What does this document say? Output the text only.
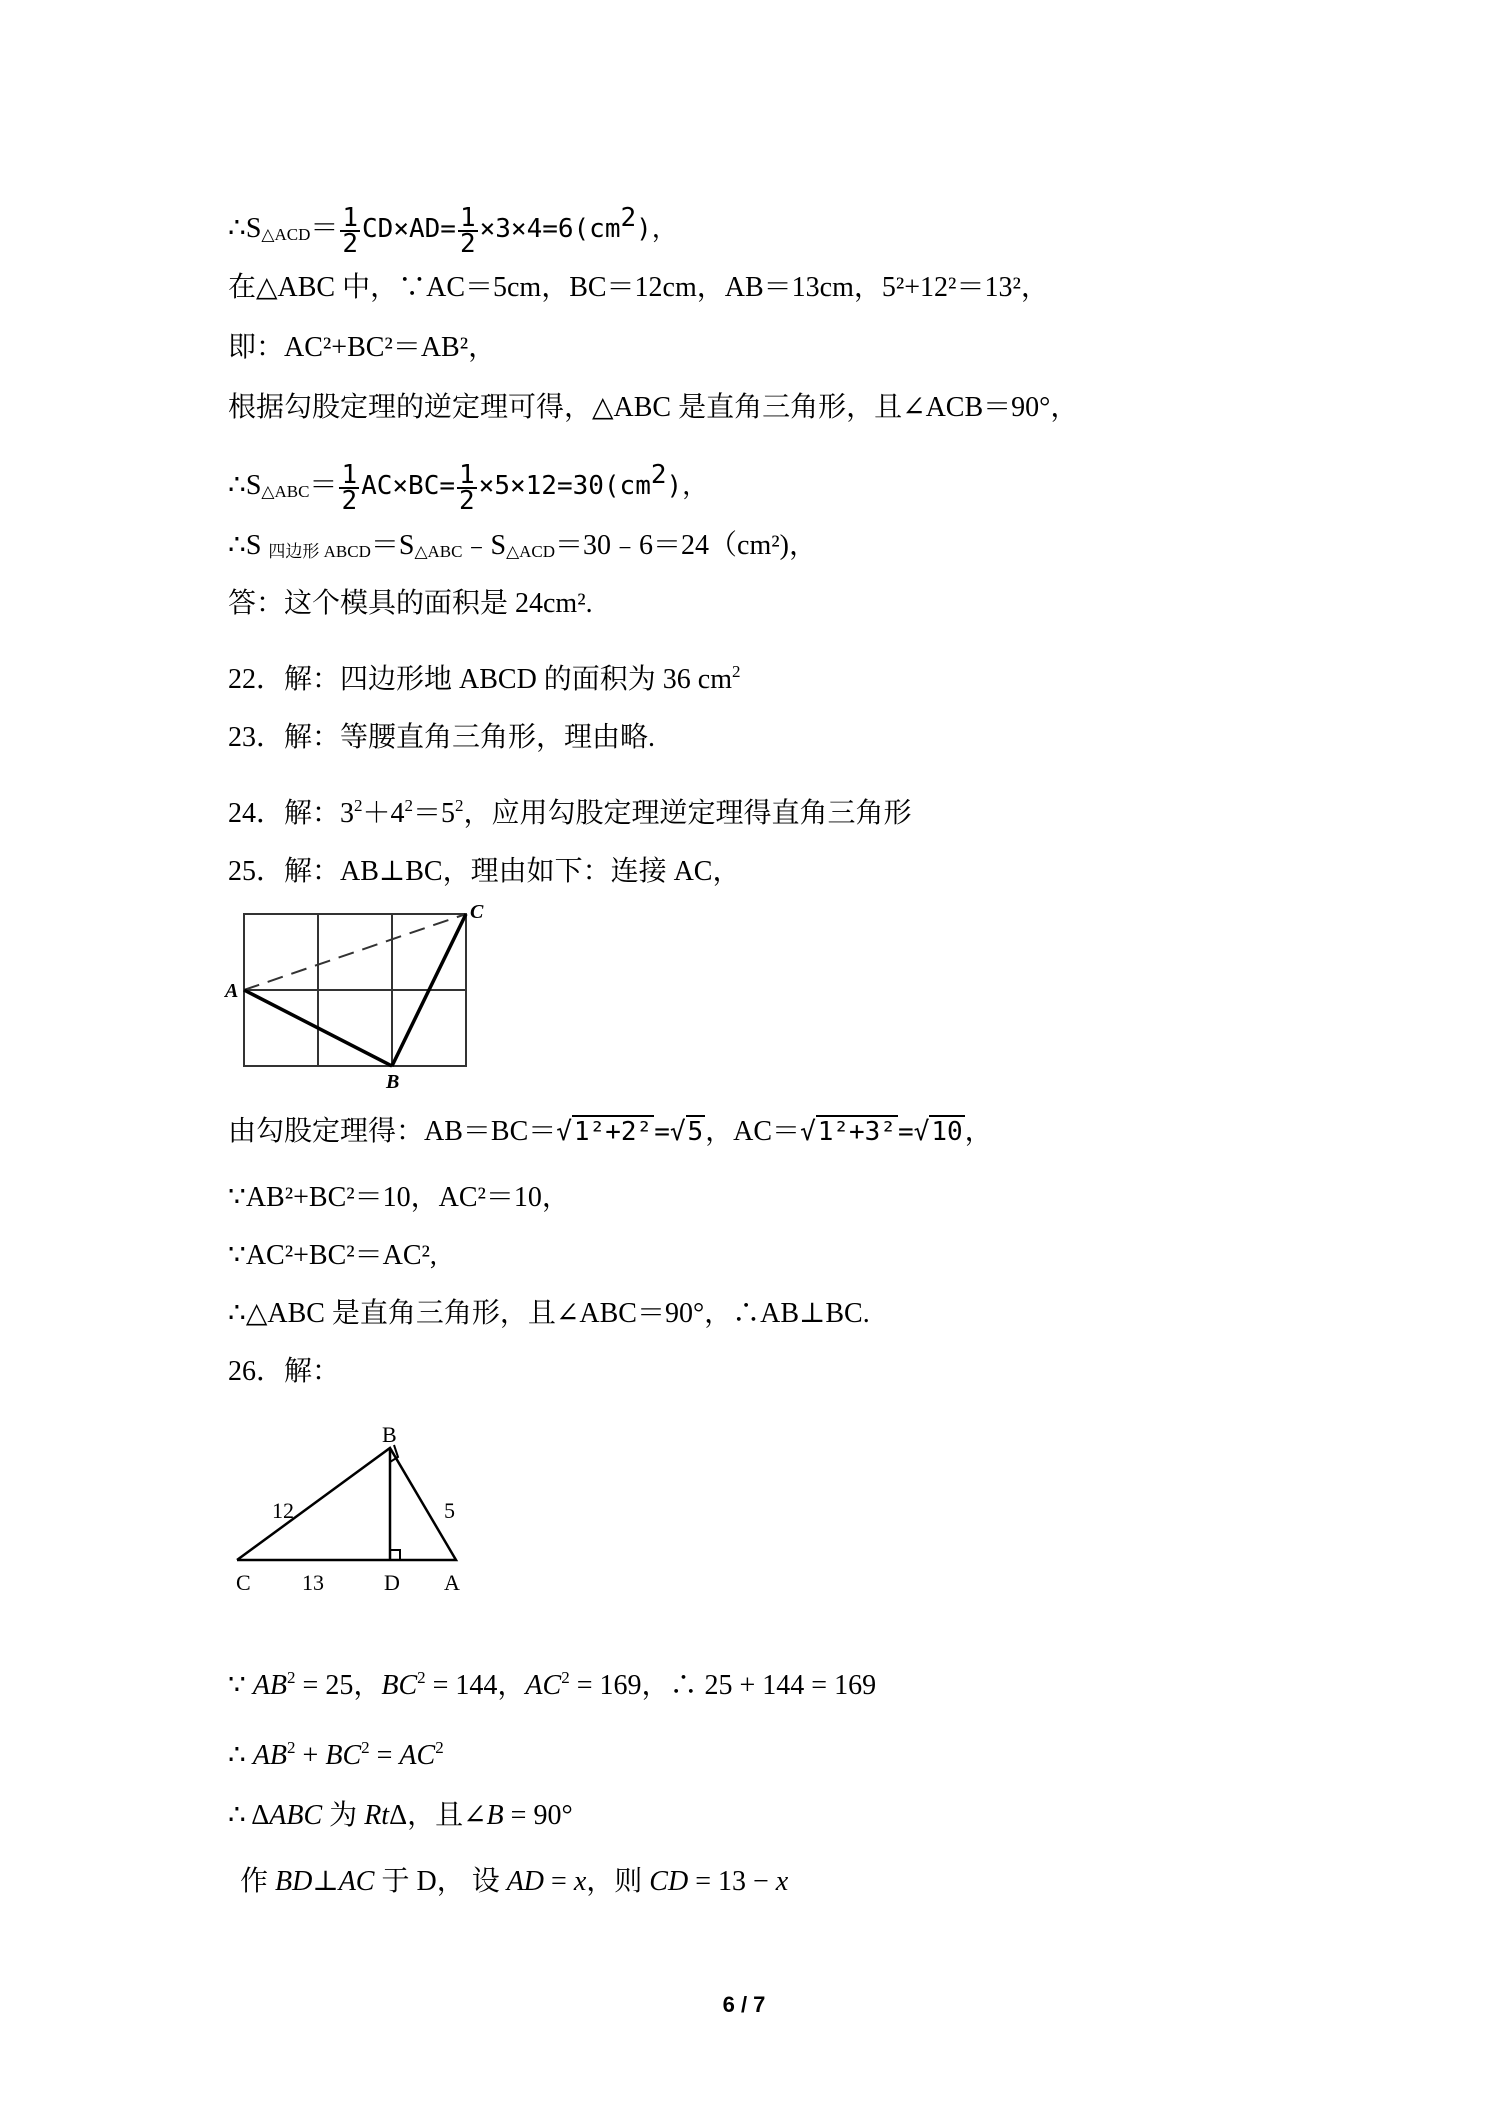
∴S△ACD＝ $\frac{1}{2} CD\times AD= \frac{1}{2} \times 3\times 4=6(cm2)$，
在△ABC 中，∵AC＝5cm，BC＝12cm，AB＝13cm，5²+12²＝13²，
即：AC²+BC²＝AB²，
根据勾股定理的逆定理可得，△ABC 是直角三角形，且∠ACB＝90°，
∴S△ABC＝ $\frac{1}{2} AC\times BC= \frac{1}{2} \times 5\times 12=30(cm2)$，
∴S 四边形 ABCD＝S△ABC﹣S△ACD＝30﹣6＝24（cm²)，
答：这个模具的面积是 24cm².
22．解：四边形地 ABCD 的面积为 36 $cm^2$
23．解：等腰直角三角形，理由略.
24．解：$3^2+4^2=5^2$，应用勾股定理逆定理得直角三角形
25．解：AB⊥BC，理由如下：连接 AC，
A
B
C
由勾股定理得：AB＝BC＝√1²+2²=√5，AC＝√1²+3²=√10，
∵AB²+BC²＝10，AC²＝10，
∵AC²+BC²＝AC²,
∴△ABC 是直角三角形，且∠ABC＝90°，∴AB⊥BC.
26．解：
B
12	5
C 13	D A
∵ $AB^2 = 25$，$BC^2 = 144$，$AC^2 = 169$，∴ 25 + 144 = 169
∴ $AB^2 + BC^2 = AC^2$
∴ ΔABC 为 RtΔ，且∠B = 90°
作 BD⊥AC 于 D， 设 AD = x，则 CD = 13 − x
6 / 7
